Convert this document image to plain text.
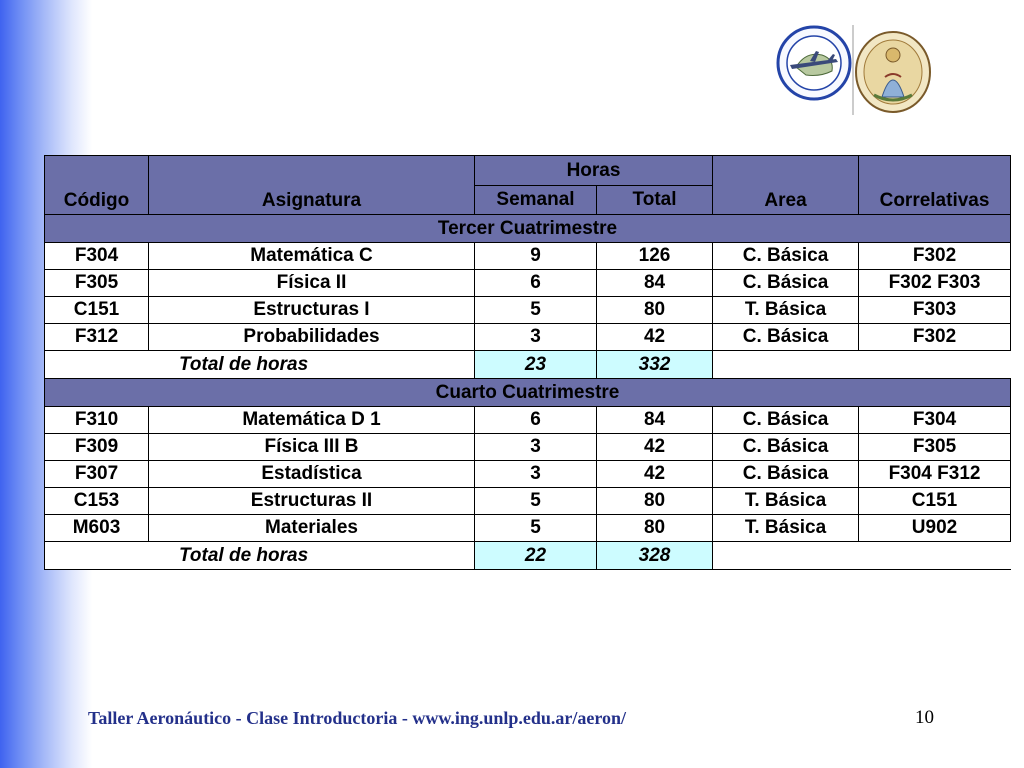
Código	Asignatura	Horas		Area	Correlativas
		Semanal	Total		
Tercer Cuatrimestre					
F304	Matemática C	9	126	C. Básica	F302
F305	Física II	6	84	C. Básica	F302 F303
C151	Estructuras I	5	80	T. Básica	F303
F312	Probabilidades	3	42	C. Básica	F302
Total de horas		23	332		
Cuarto Cuatrimestre					
F310	Matemática D 1	6	84	C. Básica	F304
F309	Física III B	3	42	C. Básica	F305
F307	Estadística	3	42	C. Básica	F304 F312
C153	Estructuras II	5	80	T. Básica	C151
M603	Materiales	5	80	T. Básica	U902
Total de horas		22	328		
Taller Aeronáutico - Clase Introductoria - www.ing.unlp.edu.ar/aeron/	10
